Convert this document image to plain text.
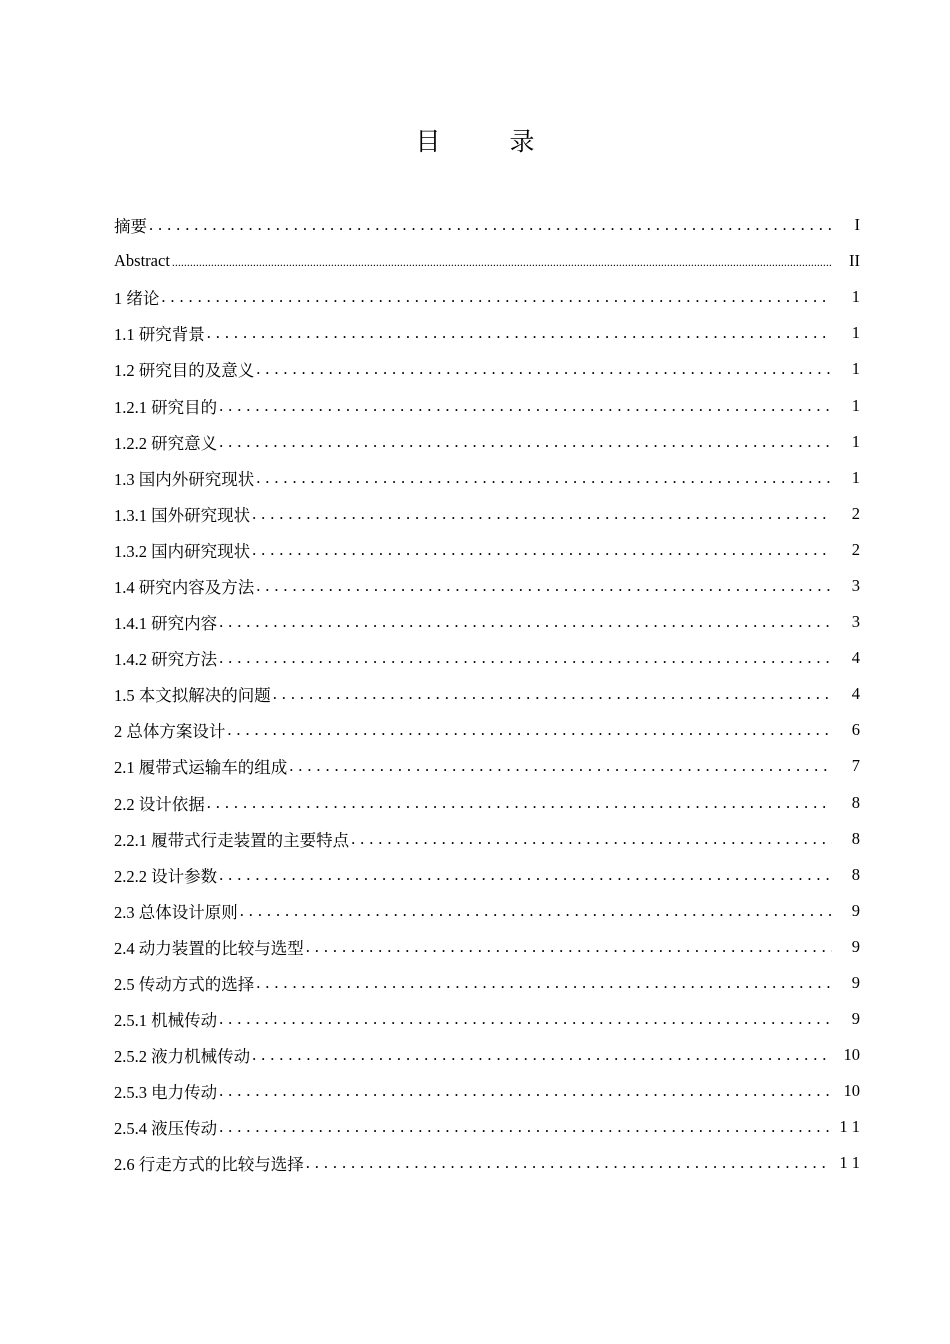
目　录
摘要 . . .	I
Abstract .....	II
1 绪论 . . .	1
1.1 研究背景 . . .	1
1.2 研究目的及意义 . . .	1
1.2.1 研究目的 . . .	1
1.2.2 研究意义 . . .	1
1.3 国内外研究现状 . . .	1
1.3.1 国外研究现状 . . .	2
1.3.2 国内研究现状 . . .	2
1.4 研究内容及方法 . . .	3
1.4.1 研究内容 . . .	3
1.4.2 研究方法 . . .	4
1.5 本文拟解决的问题 . . .	4
2 总体方案设计 . . .	6
2.1 履带式运输车的组成 . . .	7
2.2 设计依据 . . .	8
2.2.1 履带式行走装置的主要特点 . . .	8
2.2.2 设计参数 . . .	8
2.3 总体设计原则 . . .	9
2.4 动力装置的比较与选型 . . .	9
2.5 传动方式的选择 . . .	9
2.5.1 机械传动 . . .	9
2.5.2 液力机械传动 . . .	10
2.5.3 电力传动 . . .	10
2.5.4 液压传动 . . .	1 1
2.6 行走方式的比较与选择 . . .	1 1
